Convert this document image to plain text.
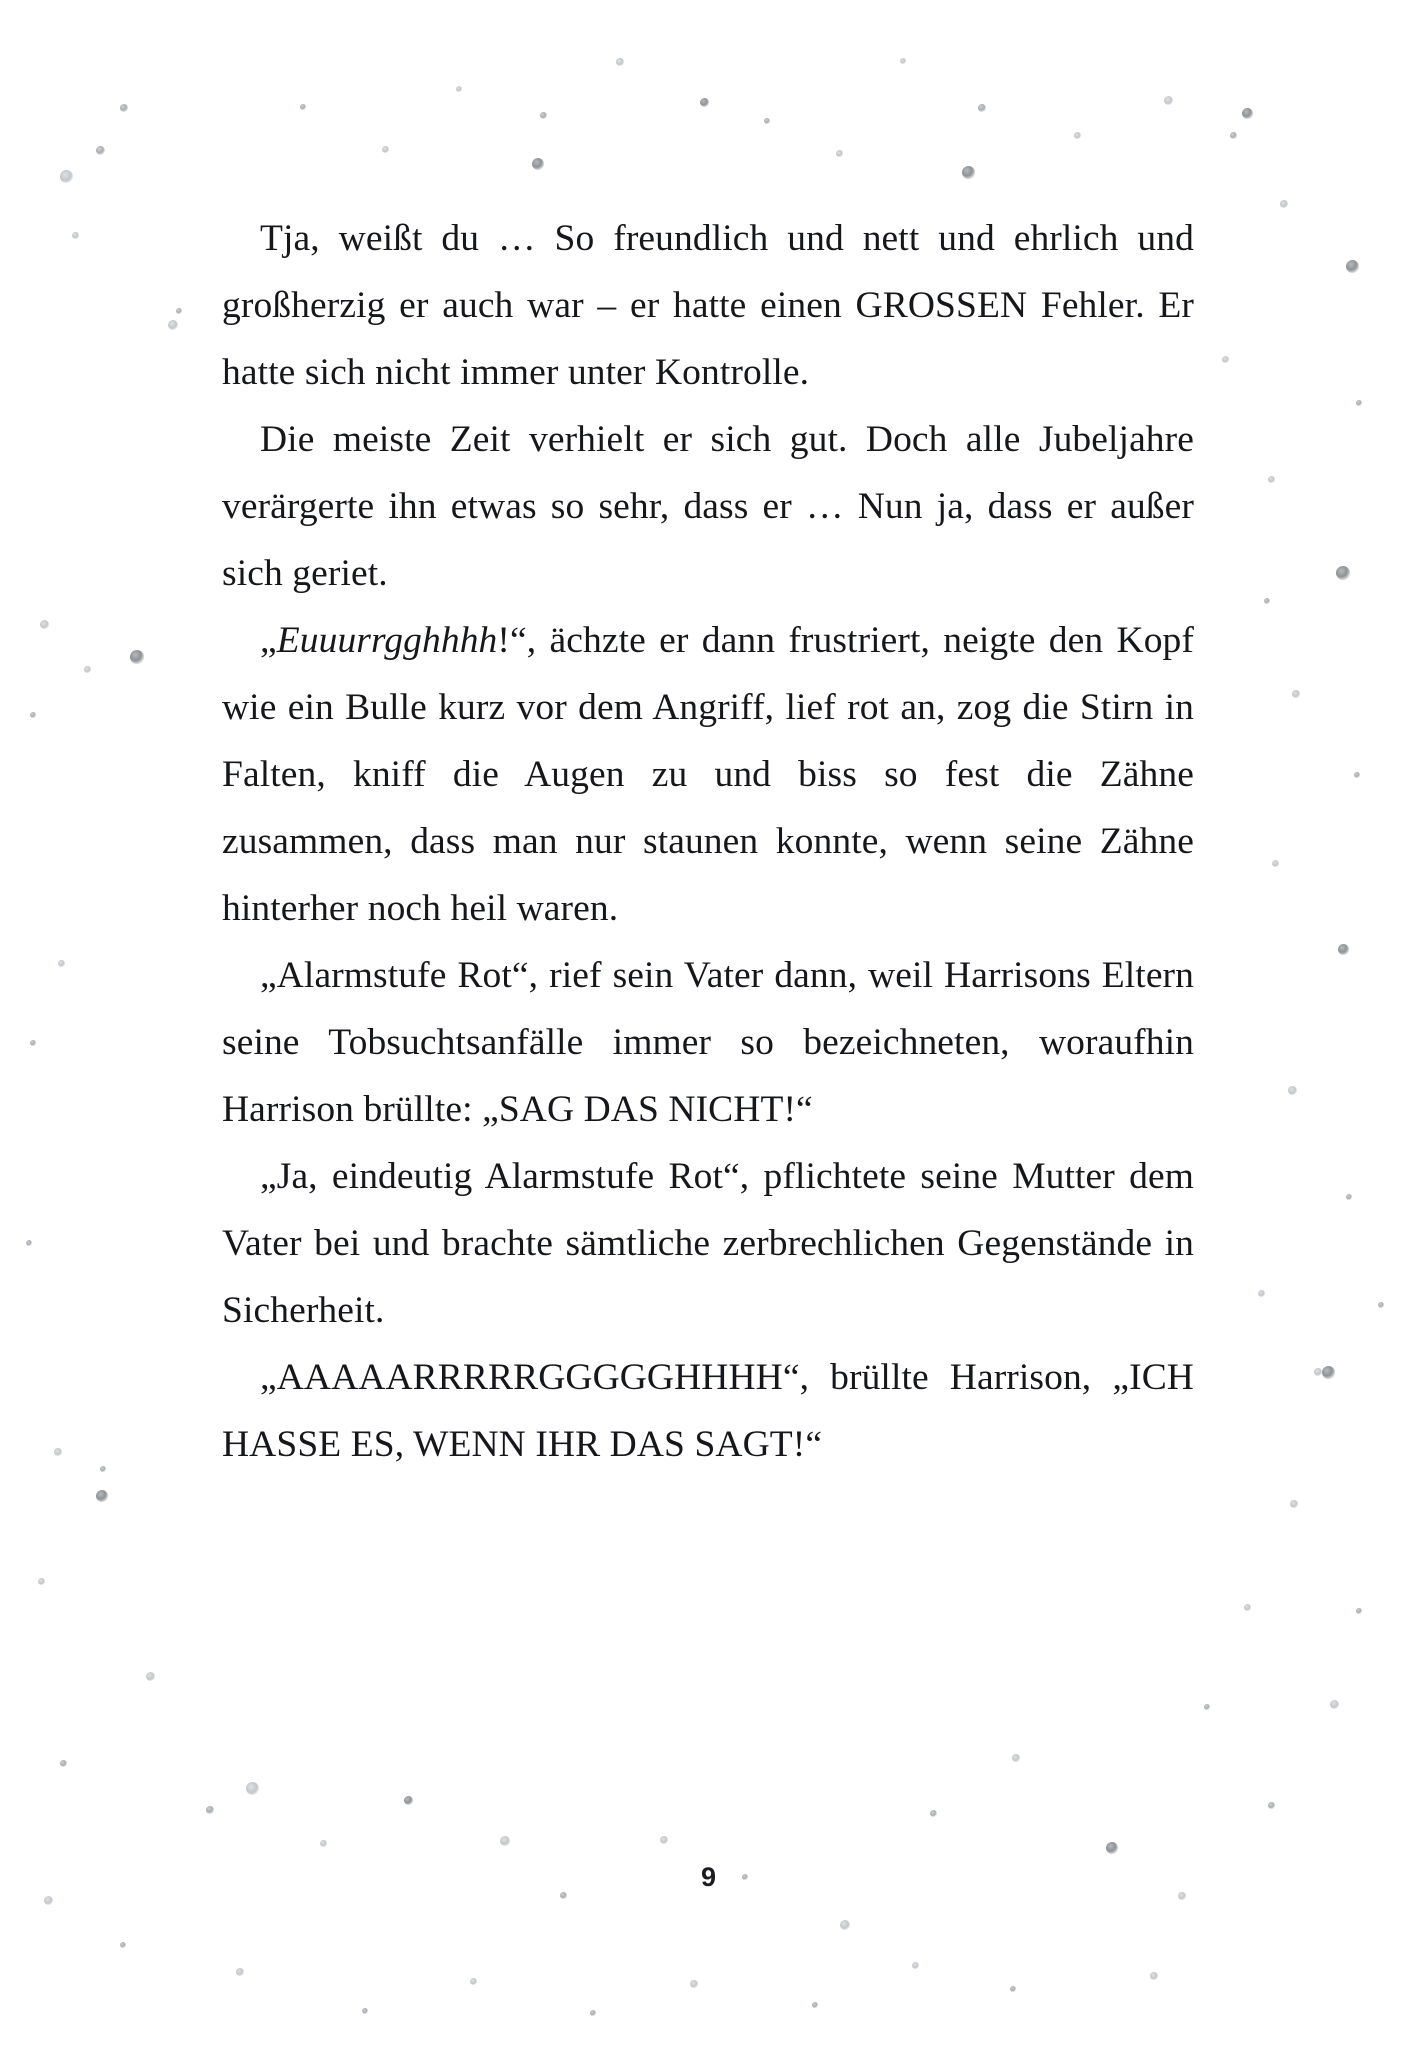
Tja, weißt du … So freundlich und nett und ehrlich und großherzig er auch war – er hatte einen GROSSEN Fehler. Er hatte sich nicht immer unter Kontrolle.

Die meiste Zeit verhielt er sich gut. Doch alle Jubeljahre verärgerte ihn etwas so sehr, dass er … Nun ja, dass er außer sich geriet.

„Euuurrgghhhh!“, ächzte er dann frustriert, neigte den Kopf wie ein Bulle kurz vor dem Angriff, lief rot an, zog die Stirn in Falten, kniff die Augen zu und biss so fest die Zähne zusammen, dass man nur staunen konnte, wenn seine Zähne hinterher noch heil waren.

„Alarmstufe Rot“, rief sein Vater dann, weil Harrisons Eltern seine Tobsuchtsanfälle immer so bezeichneten, woraufhin Harrison brüllte: „SAG DAS NICHT!“

„Ja, eindeutig Alarmstufe Rot“, pflichtete seine Mutter dem Vater bei und brachte sämtliche zerbrechlichen Gegenstände in Sicherheit.

„AAAAARRRRRGGGGGHHHH“, brüllte Harrison, „ICH HASSE ES, WENN IHR DAS SAGT!“

9
